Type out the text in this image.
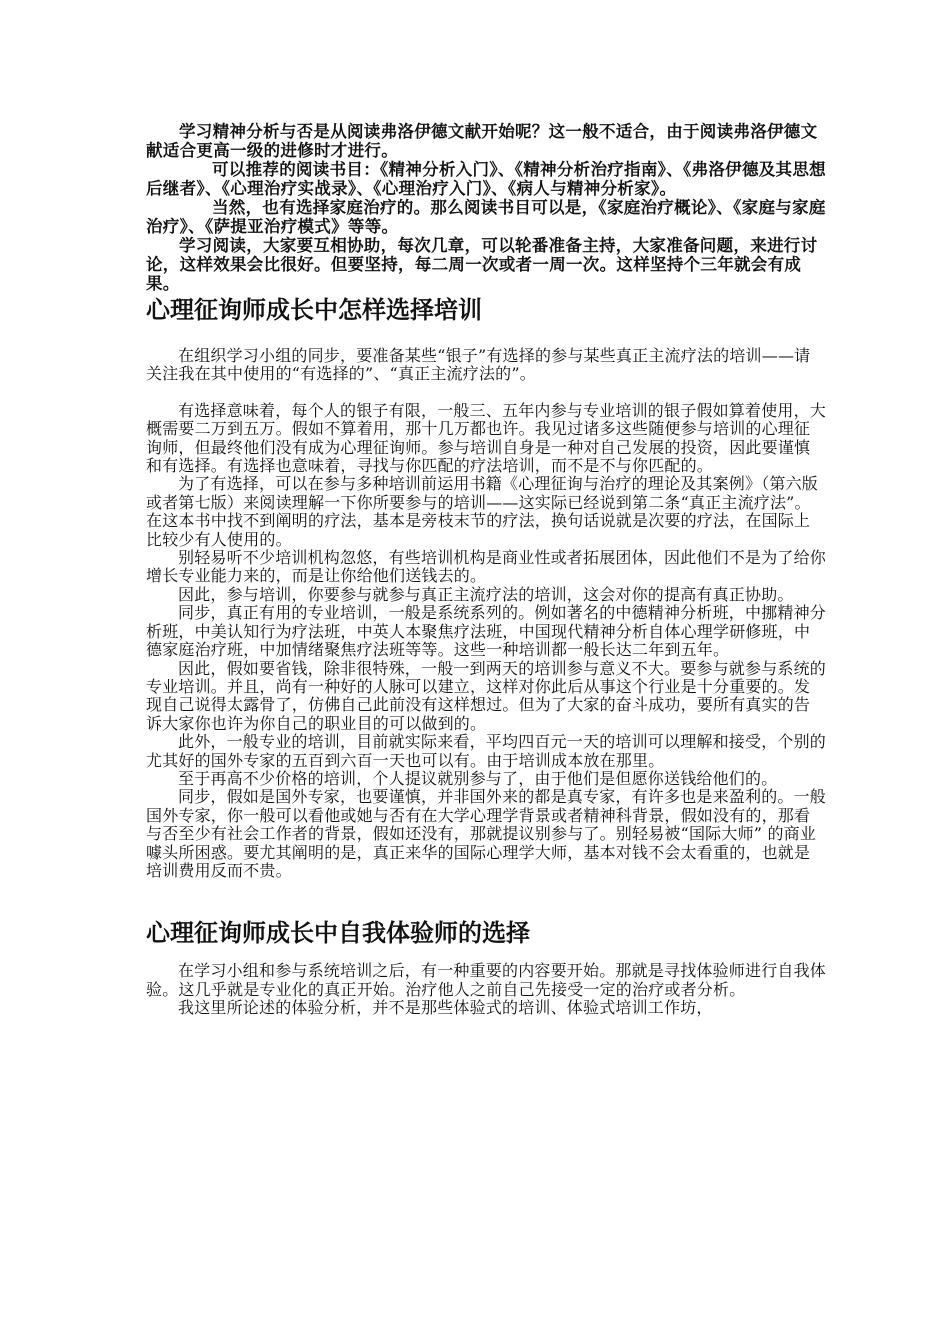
学习精神分析与否是从阅读弗洛伊德文献开始呢？这一般不适合，由于阅读弗洛伊德文献适合更高一级的进修时才进行。

可以推荐的阅读书目：《精神分析入门》、《精神分析治疗指南》、《弗洛伊德及其思想后继者》、《心理治疗实战录》、《心理治疗入门》、《病人与精神分析家》。

当然，也有选择家庭治疗的。那么阅读书目可以是，《家庭治疗概论》、《家庭与家庭治疗》、《萨提亚治疗模式》等等。

学习阅读，大家要互相协助，每次几章，可以轮番准备主持，大家准备问题，来进行讨论，这样效果会比很好。但要坚持，每二周一次或者一周一次。这样坚持个三年就会有成果。

心理征询师成长中怎样选择培训

在组织学习小组的同步，要准备某些“银子”有选择的参与某些真正主流疗法的培训——请关注我在其中使用的“有选择的”、“真正主流疗法的”。

有选择意味着，每个人的银子有限，一般三、五年内参与专业培训的银子假如算着使用，大概需要二万到五万。假如不算着用，那十几万都也许。我见过诸多这些随便参与培训的心理征询师，但最终他们没有成为心理征询师。参与培训自身是一种对自己发展的投资，因此要谨慎和有选择。有选择也意味着，寻找与你匹配的疗法培训，而不是不与你匹配的。

为了有选择，可以在参与多种培训前运用书籍《心理征询与治疗的理论及其案例》（第六版或者第七版）来阅读理解一下你所要参与的培训——这实际已经说到第二条“真正主流疗法”。在这本书中找不到阐明的疗法，基本是旁枝末节的疗法，换句话说就是次要的疗法，在国际上比较少有人使用的。

别轻易听不少培训机构忽悠，有些培训机构是商业性或者拓展团体，因此他们不是为了给你增长专业能力来的，而是让你给他们送钱去的。

因此，参与培训，你要参与就参与真正主流疗法的培训，这会对你的提高有真正协助。

同步，真正有用的专业培训，一般是系统系列的。例如著名的中德精神分析班，中挪精神分析班，中美认知行为疗法班，中英人本聚焦疗法班，中国现代精神分析自体心理学研修班，中德家庭治疗班，中加情绪聚焦疗法班等等。这些一种培训都一般长达二年到五年。

因此，假如要省钱，除非很特殊，一般一到两天的培训参与意义不大。要参与就参与系统的专业培训。并且，尚有一种好的人脉可以建立，这样对你此后从事这个行业是十分重要的。发现自己说得太露骨了，仿佛自己此前没有这样想过。但为了大家的奋斗成功，要所有真实的告诉大家你也许为你自己的职业目的可以做到的。

此外，一般专业的培训，目前就实际来看，平均四百元一天的培训可以理解和接受，个别的尤其好的国外专家的五百到六百一天也可以有。由于培训成本放在那里。

至于再高不少价格的培训，个人提议就别参与了，由于他们是但愿你送钱给他们的。

同步，假如是国外专家，也要谨慎，并非国外来的都是真专家，有许多也是来盈利的。一般国外专家，你一般可以看他或她与否有在大学心理学背景或者精神科背景，假如没有的，那看与否至少有社会工作者的背景，假如还没有，那就提议别参与了。别轻易被“国际大师” 的商业噱头所困惑。要尤其阐明的是，真正来华的国际心理学大师，基本对钱不会太看重的，也就是培训费用反而不贵。

心理征询师成长中自我体验师的选择

在学习小组和参与系统培训之后，有一种重要的内容要开始。那就是寻找体验师进行自我体验。这几乎就是专业化的真正开始。治疗他人之前自己先接受一定的治疗或者分析。

我这里所论述的体验分析，并不是那些体验式的培训、体验式培训工作坊，
